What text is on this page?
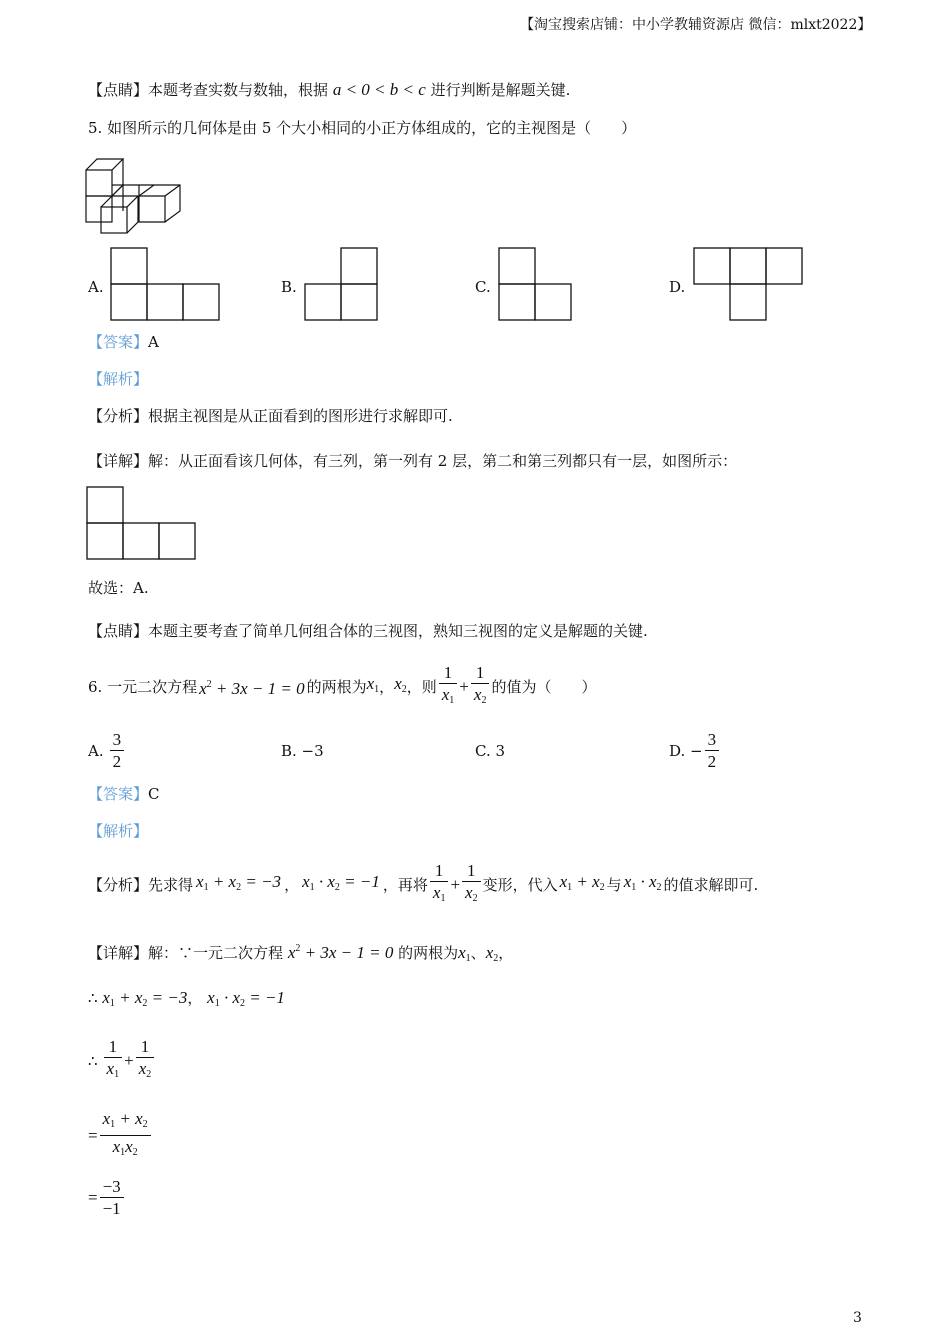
【淘宝搜索店铺：中小学教辅资源店 微信：mlxt2022】
【点睛】本题考查实数与数轴，根据 a < 0 < b < c 进行判断是解题关键.
5. 如图所示的几何体是由 5 个大小相同的小正方体组成的，它的主视图是（　　）
A.	B.	C.	D.
【答案】A
【解析】
【分析】根据主视图是从正面看到的图形进行求解即可.
【详解】解：从正面看该几何体，有三列，第一列有 2 层，第二和第三列都只有一层，如图所示：
故选：A.
【点睛】本题主要考查了简单几何组合体的三视图，熟知三视图的定义是解题的关键.
6. 一元二次方程 $x^2 + 3x - 1 = 0$ 的两根为 $x_1$ ， $x_2$ ，则 $\frac{1}{x_1} + \frac{1}{x_2}$ 的值为（　　）
A. $\frac{3}{2}$	B. −3	C. 3	D. − $\frac{3}{2}$
【答案】C
【解析】
【分析】 先求得 $x_1 + x_2 = -3$ ， $x_1 \cdot x_2 = -1$ ，再将 $\frac{1}{x_1} + \frac{1}{x_2}$ 变形，代入 $x_1 + x_2$ 与 $x_1 \cdot x_2$ 的值求解即可.
【详解】解：∵一元二次方程 $x^2 + 3x - 1 = 0$ 的两根为$x_1$、$x_2$，
∴ $x_1 + x_2 = -3$， $x_1 \cdot x_2 = -1$
∴ $\frac{1}{x_1} + \frac{1}{x_2}$
= $\frac{x_1 + x_2}{x_1x_2}$
= $\frac{-3}{-1}$
3
